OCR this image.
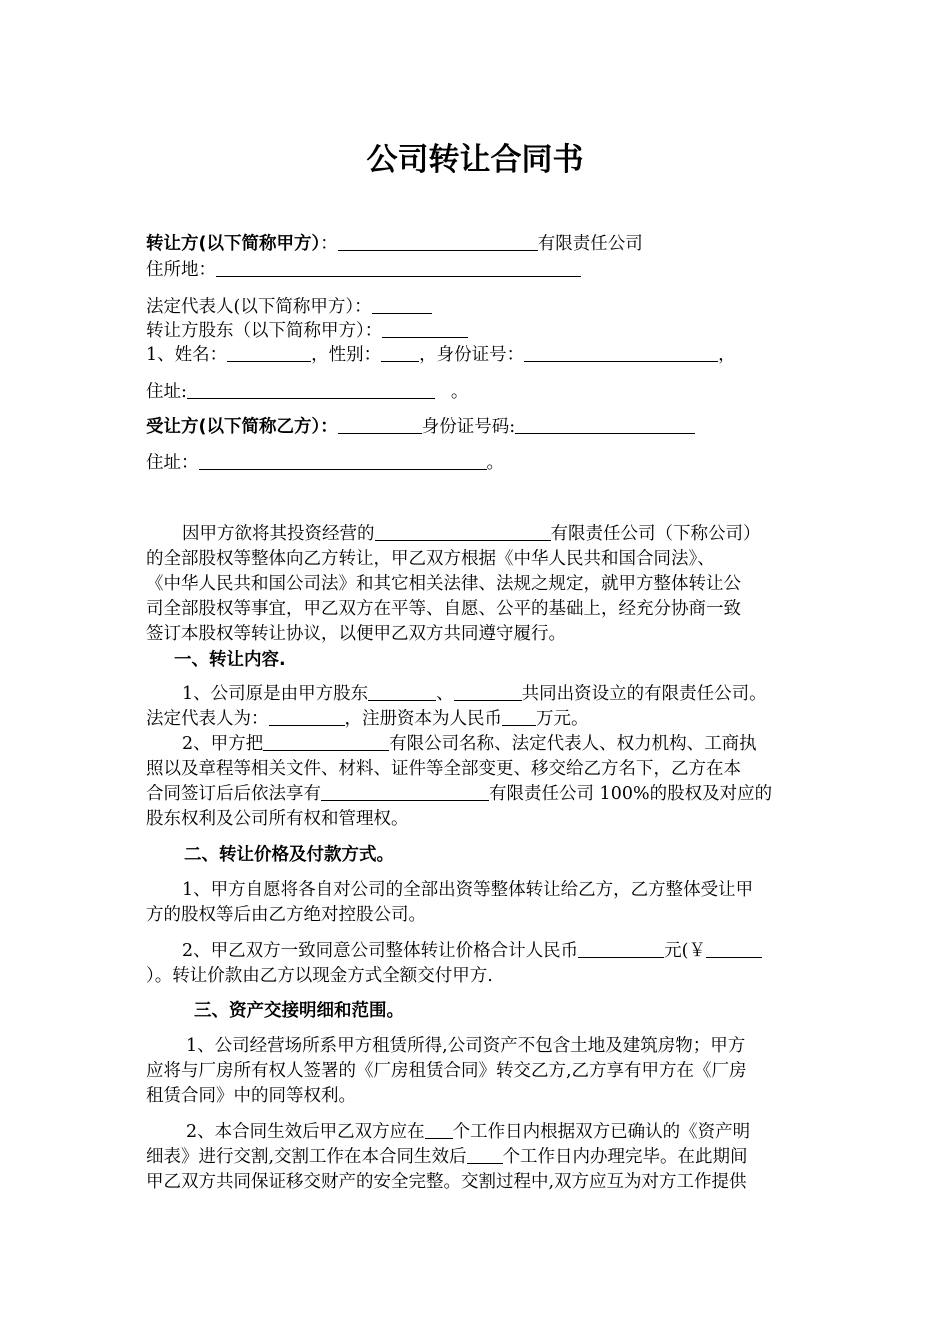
公司转让合同书
转让方(以下简称甲方）：	有限责任公司
住所地：
法定代表人(以下简称甲方）：
转让方股东（以下简称甲方）：
1、姓名：	，性别： ，身份证号：	，
住址:	。
受让方(以下简称乙方）：	身份证号码:
住址：	。
因甲方欲将其投资经营的	有限责任公司（下称公司）
的全部股权等整体向乙方转让，甲乙双方根据《中华人民共和国合同法》、
《中华人民共和国公司法》和其它相关法律、法规之规定，就甲方整体转让公
司全部股权等事宜，甲乙双方在平等、自愿、公平的基础上，经充分协商一致
签订本股权等转让协议，以便甲乙双方共同遵守履行。
一、转让内容.
1、公司原是由甲方股东	、	共同出资设立的有限责任公司。
法定代表人为：	，注册资本为人民币 万元。
2、甲方把	有限公司名称、法定代表人、权力机构、工商执
照以及章程等相关文件、材料、证件等全部变更、移交给乙方名下，乙方在本
合同签订后后依法享有	有限责任公司 100%的股权及对应的
股东权利及公司所有权和管理权。
二、转让价格及付款方式。
1、甲方自愿将各自对公司的全部出资等整体转让给乙方，乙方整体受让甲
方的股权等后由乙方绝对控股公司。
2、甲乙双方一致同意公司整体转让价格合计人民币	元(￥
）。转让价款由乙方以现金方式全额交付甲方.
三、资产交接明细和范围。
1、公司经营场所系甲方租赁所得,公司资产不包含土地及建筑房物；甲方
应将与厂房所有权人签署的《厂房租赁合同》转交乙方,乙方享有甲方在《厂房
租赁合同》中的同等权利。
2、本合同生效后甲乙双方应在 个工作日内根据双方已确认的《资产明
细表》进行交割,交割工作在本合同生效后 个工作日内办理完毕。在此期间
甲乙双方共同保证移交财产的安全完整。交割过程中,双方应互为对方工作提供
